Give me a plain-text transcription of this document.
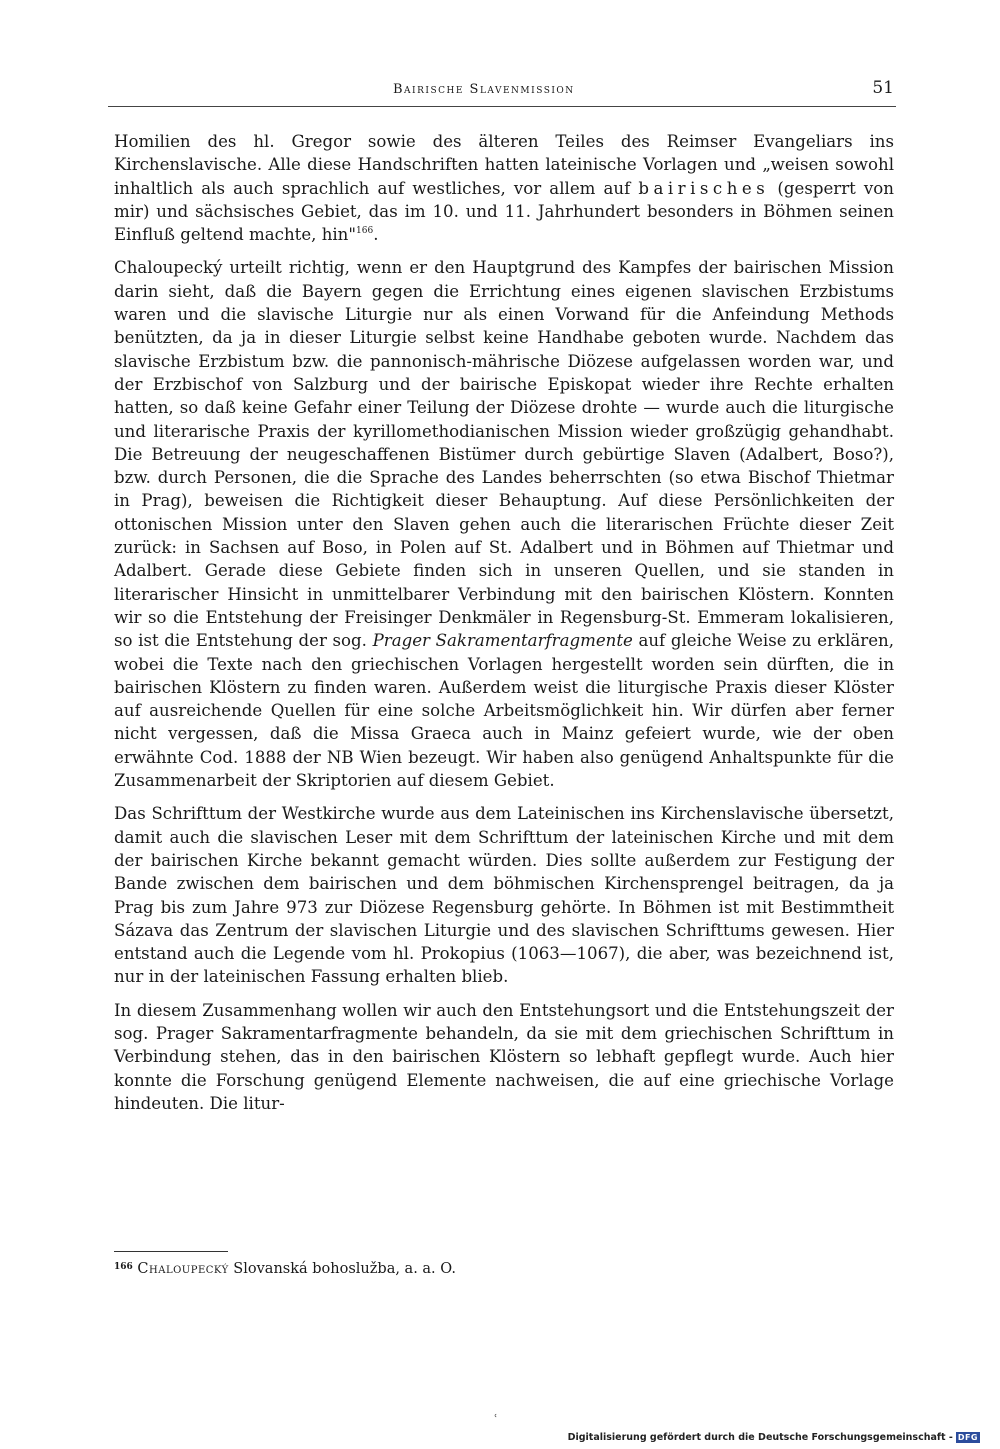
Bairische Slavenmission	51

Homilien des hl. Gregor sowie des älteren Teiles des Reimser Evangeliars ins Kirchenslavische. Alle diese Handschriften hatten lateinische Vorlagen und „weisen sowohl inhaltlich als auch sprachlich auf westliches, vor allem auf bairisches (gesperrt von mir) und sächsisches Gebiet, das im 10. und 11. Jahrhundert besonders in Böhmen seinen Einfluß geltend machte, hin"$^{166}$.

Chaloupecký urteilt richtig, wenn er den Hauptgrund des Kampfes der bairischen Mission darin sieht, daß die Bayern gegen die Errichtung eines eigenen slavischen Erzbistums waren und die slavische Liturgie nur als einen Vorwand für die Anfeindung Methods benützten, da ja in dieser Liturgie selbst keine Handhabe geboten wurde. Nachdem das slavische Erzbistum bzw. die pannonisch-mährische Diözese aufgelassen worden war, und der Erzbischof von Salzburg und der bairische Episkopat wieder ihre Rechte erhalten hatten, so daß keine Gefahr einer Teilung der Diözese drohte — wurde auch die liturgische und literarische Praxis der kyrillomethodianischen Mission wieder großzügig gehandhabt. Die Betreuung der neugeschaffenen Bistümer durch gebürtige Slaven (Adalbert, Boso?), bzw. durch Personen, die die Sprache des Landes beherrschten (so etwa Bischof Thietmar in Prag), beweisen die Richtigkeit dieser Behauptung. Auf diese Persönlichkeiten der ottonischen Mission unter den Slaven gehen auch die literarischen Früchte dieser Zeit zurück: in Sachsen auf Boso, in Polen auf St. Adalbert und in Böhmen auf Thietmar und Adalbert. Gerade diese Gebiete finden sich in unseren Quellen, und sie standen in literarischer Hinsicht in unmittelbarer Verbindung mit den bairischen Klöstern. Konnten wir so die Entstehung der Freisinger Denkmäler in Regensburg-St. Emmeram lokalisieren, so ist die Entstehung der sog. Prager Sakramentarfragmente auf gleiche Weise zu erklären, wobei die Texte nach den griechischen Vorlagen hergestellt worden sein dürften, die in bairischen Klöstern zu finden waren. Außerdem weist die liturgische Praxis dieser Klöster auf ausreichende Quellen für eine solche Arbeitsmöglichkeit hin. Wir dürfen aber ferner nicht vergessen, daß die Missa Graeca auch in Mainz gefeiert wurde, wie der oben erwähnte Cod. 1888 der NB Wien bezeugt. Wir haben also genügend Anhaltspunkte für die Zusammenarbeit der Skriptorien auf diesem Gebiet.

Das Schrifttum der Westkirche wurde aus dem Lateinischen ins Kirchenslavische übersetzt, damit auch die slavischen Leser mit dem Schrifttum der lateinischen Kirche und mit dem der bairischen Kirche bekannt gemacht würden. Dies sollte außerdem zur Festigung der Bande zwischen dem bairischen und dem böhmischen Kirchensprengel beitragen, da ja Prag bis zum Jahre 973 zur Diözese Regensburg gehörte. In Böhmen ist mit Bestimmtheit Sázava das Zentrum der slavischen Liturgie und des slavischen Schrifttums gewesen. Hier entstand auch die Legende vom hl. Prokopius (1063—1067), die aber, was bezeichnend ist, nur in der lateinischen Fassung erhalten blieb.

In diesem Zusammenhang wollen wir auch den Entstehungsort und die Entstehungszeit der sog. Prager Sakramentarfragmente behandeln, da sie mit dem griechischen Schrifttum in Verbindung stehen, das in den bairischen Klöstern so lebhaft gepflegt wurde. Auch hier konnte die Forschung genügend Elemente nachweisen, die auf eine griechische Vorlage hindeuten. Die litur-

$^{166}$ Chaloupecký Slovanská bohoslužba, a. a. O.
˓
Digitalisierung gefördert durch die Deutsche Forschungsgemeinschaft - DFG
